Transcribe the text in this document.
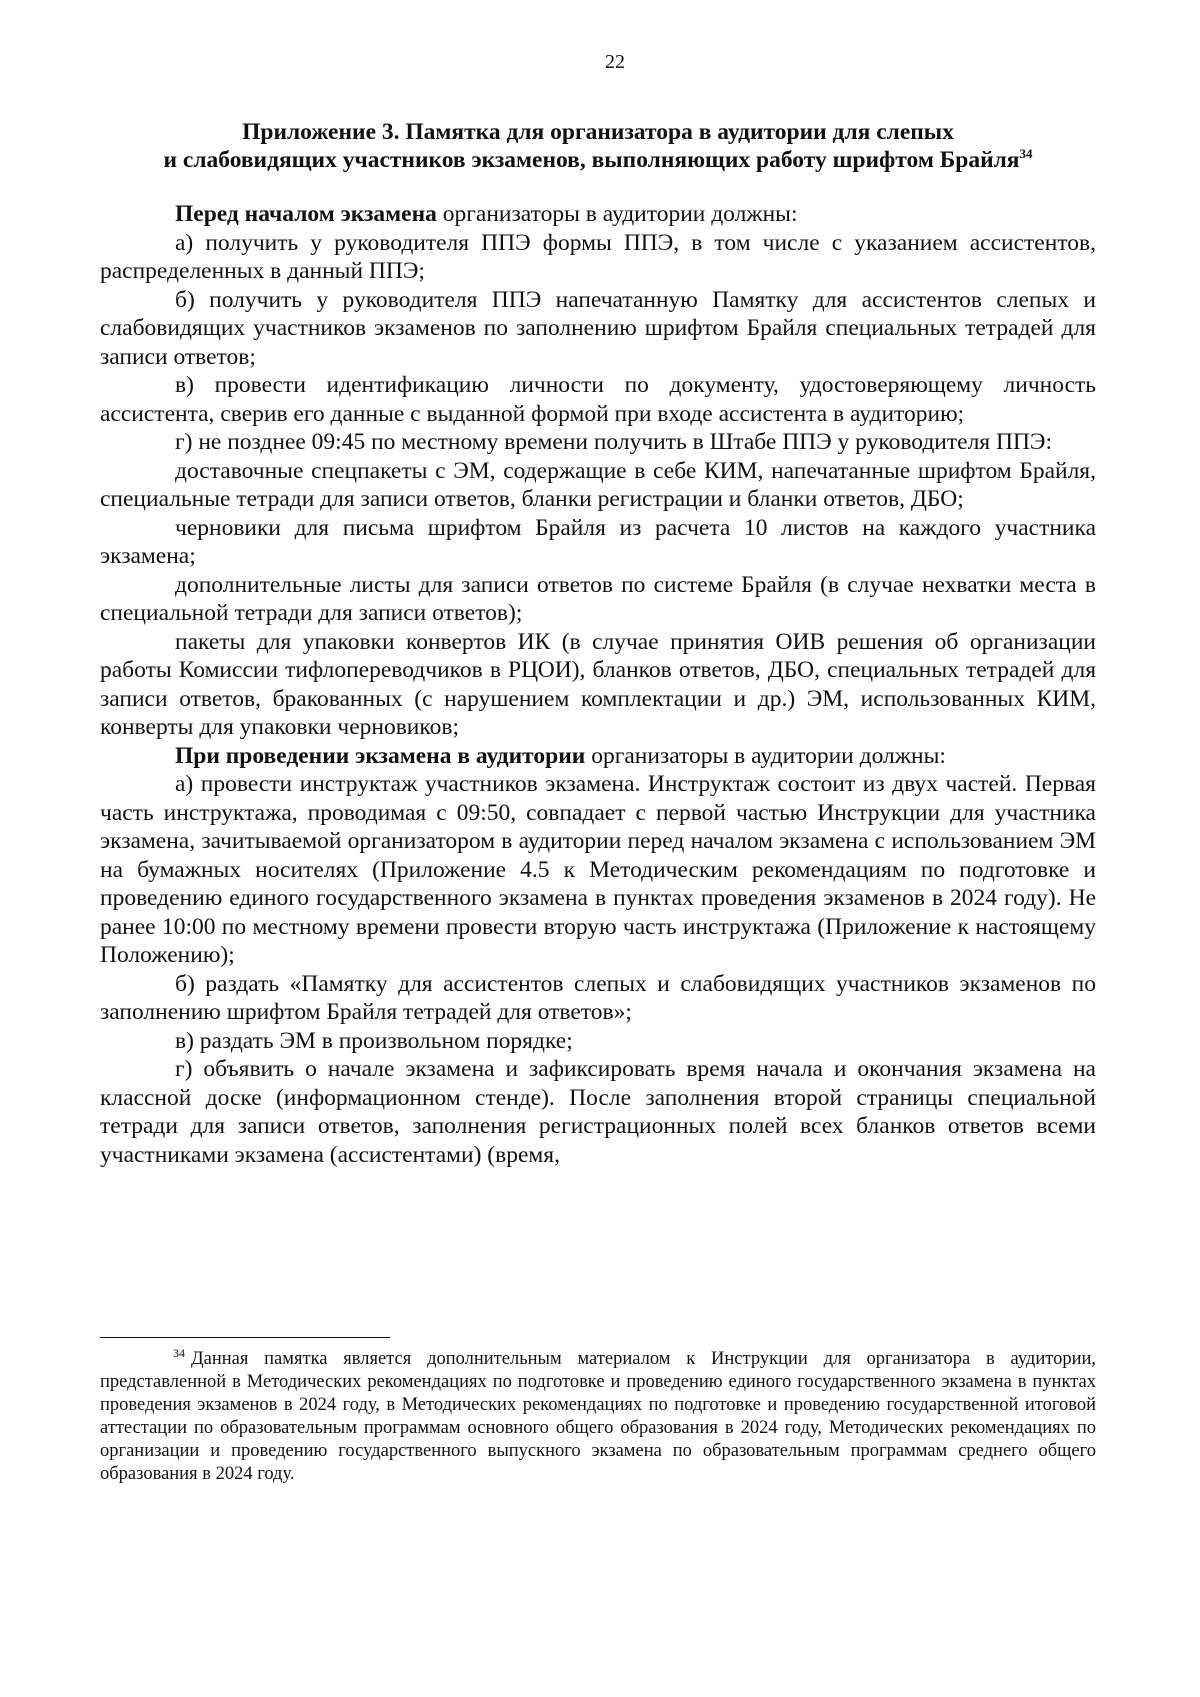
22
Приложение 3. Памятка для организатора в аудитории для слепых
и слабовидящих участников экзаменов, выполняющих работу шрифтом Брайля$^{34}$

Перед началом экзамена организаторы в аудитории должны:

а) получить у руководителя ППЭ формы ППЭ, в том числе с указанием ассистентов, распределенных в данный ППЭ;

б) получить у руководителя ППЭ напечатанную Памятку для ассистентов слепых и слабовидящих участников экзаменов по заполнению шрифтом Брайля специальных тетрадей для записи ответов;

в) провести идентификацию личности по документу, удостоверяющему личность ассистента, сверив его данные с выданной формой при входе ассистента в аудиторию;

г) не позднее 09:45 по местному времени получить в Штабе ППЭ у руководителя ППЭ:

доставочные спецпакеты с ЭМ, содержащие в себе КИМ, напечатанные шрифтом Брайля, специальные тетради для записи ответов, бланки регистрации и бланки ответов, ДБО;

черновики для письма шрифтом Брайля из расчета 10 листов на каждого участника экзамена;

дополнительные листы для записи ответов по системе Брайля (в случае нехватки места в специальной тетради для записи ответов);

пакеты для упаковки конвертов ИК (в случае принятия ОИВ решения об организации работы Комиссии тифлопереводчиков в РЦОИ), бланков ответов, ДБО, специальных тетрадей для записи ответов, бракованных (с нарушением комплектации и др.) ЭМ, использованных КИМ, конверты для упаковки черновиков;

При проведении экзамена в аудитории организаторы в аудитории должны:

а) провести инструктаж участников экзамена. Инструктаж состоит из двух частей. Первая часть инструктажа, проводимая с 09:50, совпадает с первой частью Инструкции для участника экзамена, зачитываемой организатором в аудитории перед началом экзамена с использованием ЭМ на бумажных носителях (Приложение 4.5 к Методическим рекомендациям по подготовке и проведению единого государственного экзамена в пунктах проведения экзаменов в 2024 году). Не ранее 10:00 по местному времени провести вторую часть инструктажа (Приложение к настоящему Положению);

б) раздать «Памятку для ассистентов слепых и слабовидящих участников экзаменов по заполнению шрифтом Брайля тетрадей для ответов»;

в) раздать ЭМ в произвольном порядке;

г) объявить о начале экзамена и зафиксировать время начала и окончания экзамена на классной доске (информационном стенде). После заполнения второй страницы специальной тетради для записи ответов, заполнения регистрационных полей всех бланков ответов всеми участниками экзамена (ассистентами) (время,

$^{34}$ Данная памятка является дополнительным материалом к Инструкции для организатора в аудитории, представленной в Методических рекомендациях по подготовке и проведению единого государственного экзамена в пунктах проведения экзаменов в 2024 году, в Методических рекомендациях по подготовке и проведению государственной итоговой аттестации по образовательным программам основного общего образования в 2024 году, Методических рекомендациях по организации и проведению государственного выпускного экзамена по образовательным программам среднего общего образования в 2024 году.
